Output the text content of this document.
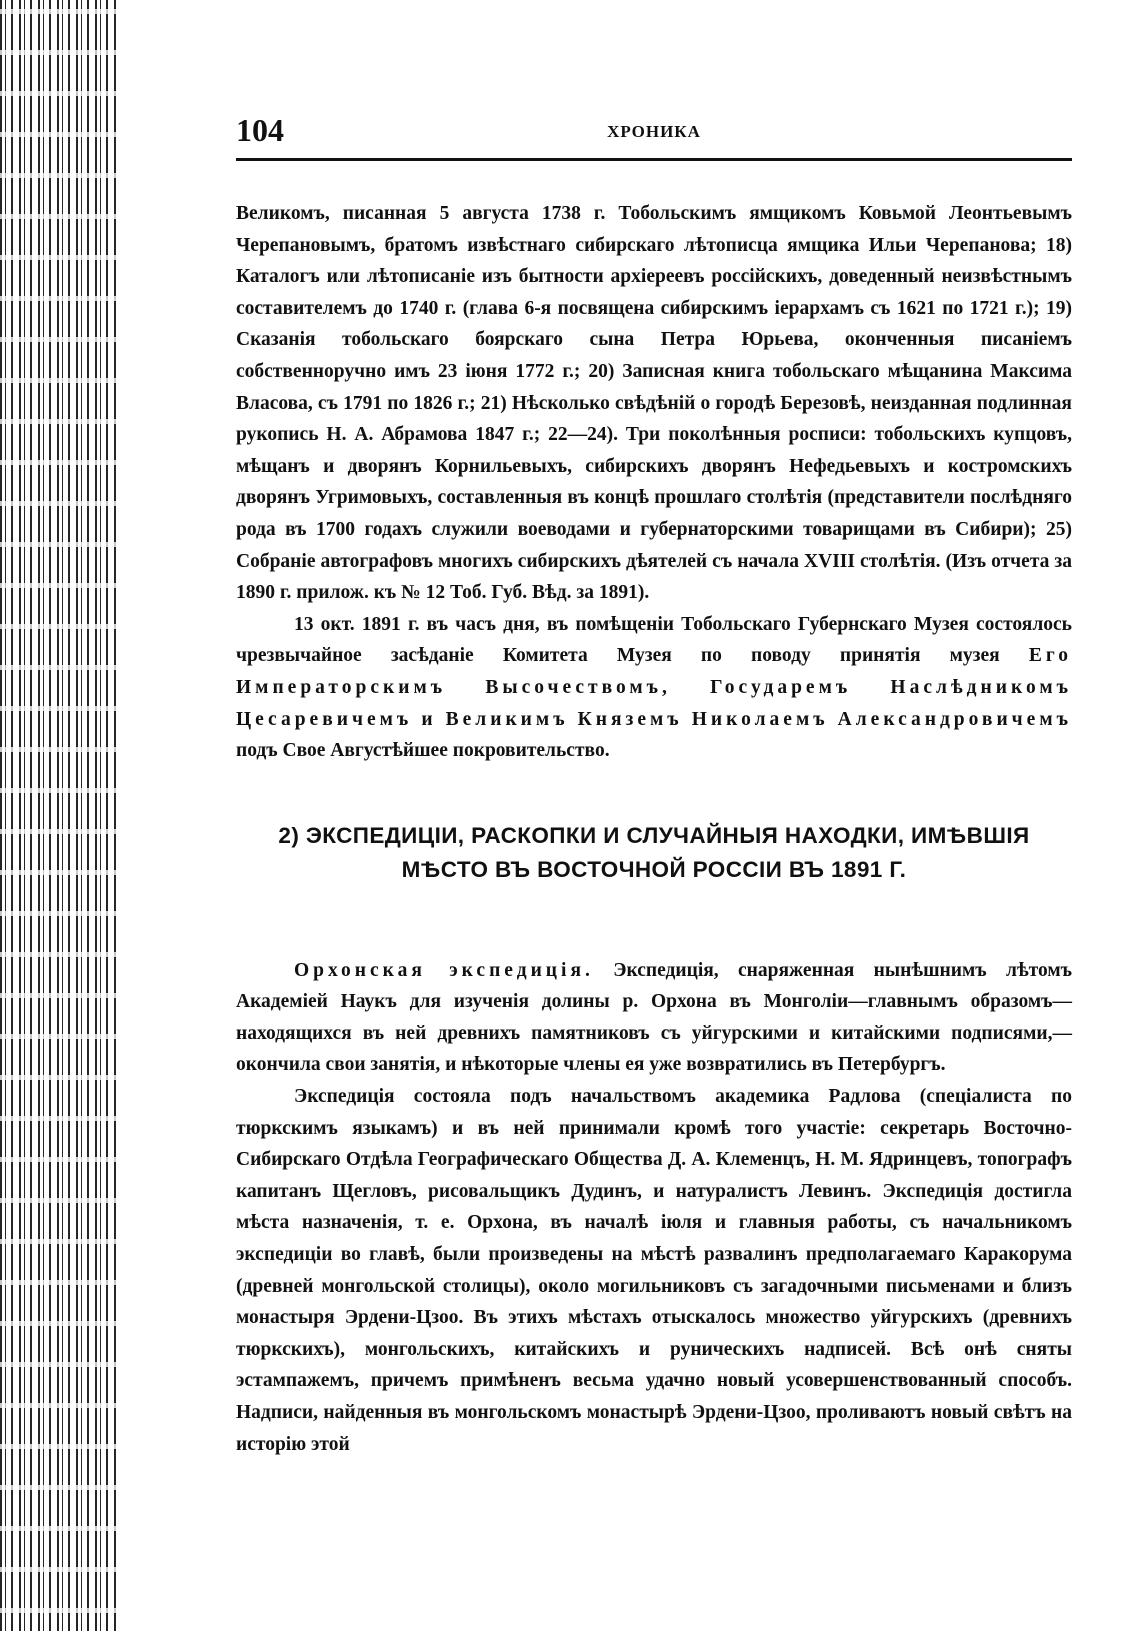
104	ХРОНИКА

Великомъ, писанная 5 августа 1738 г. Тобольскимъ ямщикомъ Ковьмой Леонтьевымъ Черепановымъ, братомъ извѣстнаго сибирскаго лѣтописца ямщика Ильи Черепанова; 18) Каталогъ или лѣтописаніе изъ бытности архіереевъ россійскихъ, доведенный неизвѣстнымъ составителемъ до 1740 г. (глава 6-я посвящена сибирскимъ іерархамъ съ 1621 по 1721 г.); 19) Сказанія тобольскаго боярскаго сына Петра Юрьева, оконченныя писаніемъ собственноручно имъ 23 іюня 1772 г.; 20) Записная книга тобольскаго мѣщанина Максима Власова, съ 1791 по 1826 г.; 21) Нѣсколько свѣдѣній о городѣ Березовѣ, неизданная подлинная рукопись Н. А. Абрамова 1847 г.; 22—24). Три поколѣнныя росписи: тобольскихъ купцовъ, мѣщанъ и дворянъ Корнильевыхъ, сибирскихъ дворянъ Нефедьевыхъ и костромскихъ дворянъ Угримовыхъ, составленныя въ концѣ прошлаго столѣтія (представители послѣдняго рода въ 1700 годахъ служили воеводами и губернаторскими товарищами въ Сибири); 25) Собраніе автографовъ многихъ сибирскихъ дѣятелей съ начала XVIII столѣтія. (Изъ отчета за 1890 г. прилож. къ № 12 Тоб. Губ. Вѣд. за 1891).

13 окт. 1891 г. въ часъ дня, въ помѣщеніи Тобольскаго Губернскаго Музея состоялось чрезвычайное засѣданіе Комитета Музея по поводу принятія музея Его Императорскимъ Высочествомъ, Государемъ Наслѣдникомъ Цесаревичемъ и Великимъ Княземъ Николаемъ Александровичемъ подъ Свое Августѣйшее покровительство.

2) ЭКСПЕДИЦІИ, РАСКОПКИ И СЛУЧАЙНЫЯ НАХОДКИ, ИМѢВШІЯ
МѢСТО ВЪ ВОСТОЧНОЙ РОССІИ ВЪ 1891 Г.

Орхонская экспедиція. Экспедиція, снаряженная нынѣшнимъ лѣтомъ Академіей Наукъ для изученія долины р. Орхона въ Монголіи—главнымъ образомъ—находящихся въ ней древнихъ памятниковъ съ уйгурскими и китайскими подписями,—окончила свои занятія, и нѣкоторые члены ея уже возвратились въ Петербургъ.

Экспедиція состояла подъ начальствомъ академика Радлова (спеціалиста по тюркскимъ языкамъ) и въ ней принимали кромѣ того участіе: секретарь Восточно-Сибирскаго Отдѣла Географическаго Общества Д. А. Клеменцъ, Н. М. Ядринцевъ, топографъ капитанъ Щегловъ, рисовальщикъ Дудинъ, и натуралистъ Левинъ. Экспедиція достигла мѣста назначенія, т. е. Орхона, въ началѣ іюля и главныя работы, съ начальникомъ экспедиціи во главѣ, были произведены на мѣстѣ развалинъ предполагаемаго Каракорума (древней монгольской столицы), около могильниковъ съ загадочными письменами и близъ монастыря Эрдени-Цзоо. Въ этихъ мѣстахъ отыскалось множество уйгурскихъ (древнихъ тюркскихъ), монгольскихъ, китайскихъ и руническихъ надписей. Всѣ онѣ сняты эстампажемъ, причемъ примѣненъ весьма удачно новый усовершенствованный способъ. Надписи, найденныя въ монгольскомъ монастырѣ Эрдени-Цзоо, проливаютъ новый свѣтъ на исторію этой
